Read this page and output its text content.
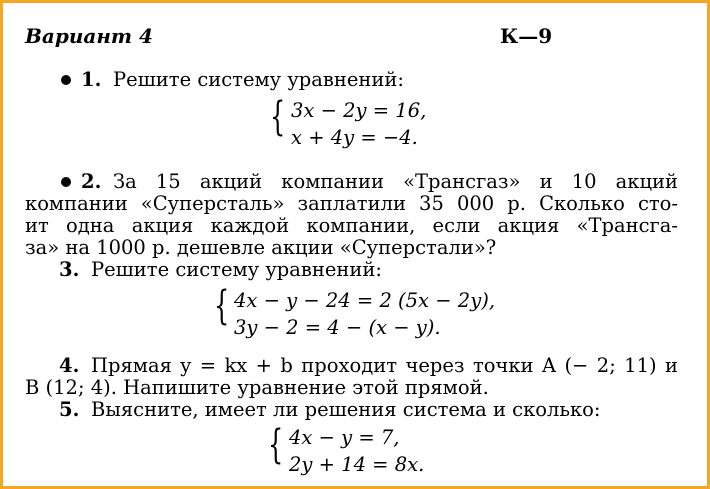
Вариант 4	К—9
1. Решите систему уравнений:
{ 3x − 2y = 16,
x + 4y = −4.
2. За 15 акций компании «Трансгаз» и 10 акций
компании «Суперсталь» заплатили 35 000 р. Сколько сто-
ит одна акция каждой компании, если акция «Трансга-
за» на 1000 р. дешевле акции «Суперстали»?
3. Решите систему уравнений:
{ 4x − y − 24 = 2 (5x − 2y),
3y − 2 = 4 − (x − y).
4. Прямая y = kx + b проходит через точки A (− 2; 11) и
B (12; 4). Напишите уравнение этой прямой.
5. Выясните, имеет ли решения система и сколько:
{ 4x − y = 7,
2y + 14 = 8x.
